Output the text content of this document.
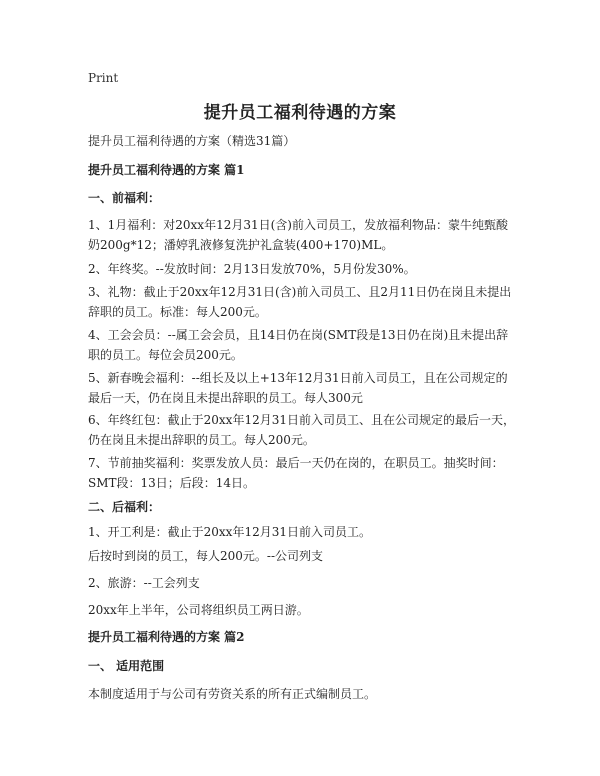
Print
提升员工福利待遇的方案

提升员工福利待遇的方案（精选31篇）

提升员工福利待遇的方案 篇1

一、前福利：

1、1月福利：对20xx年12月31日(含)前入司员工，发放福利物品：蒙牛纯甄酸奶200g*12；潘婷乳液修复洗护礼盒装(400+170)ML。

2、年终奖。--发放时间：2月13日发放70%，5月份发30%。

3、礼物：截止于20xx年12月31日(含)前入司员工、且2月11日仍在岗且未提出辞职的员工。标准：每人200元。

4、工会会员：--属工会会员，且14日仍在岗(SMT段是13日仍在岗)且未提出辞职的员工。每位会员200元。

5、新春晚会福利：--组长及以上+13年12月31日前入司员工，且在公司规定的最后一天，仍在岗且未提出辞职的员工。每人300元

6、年终红包：截止于20xx年12月31日前入司员工、且在公司规定的最后一天，仍在岗且未提出辞职的员工。每人200元。

7、节前抽奖福利：奖票发放人员：最后一天仍在岗的，在职员工。抽奖时间：SMT段：13日；后段：14日。

二、后福利：

1、开工利是：截止于20xx年12月31日前入司员工。

后按时到岗的员工，每人200元。--公司列支

2、旅游：--工会列支

20xx年上半年，公司将组织员工两日游。

提升员工福利待遇的方案 篇2

一、 适用范围

本制度适用于与公司有劳资关系的所有正式编制员工。
